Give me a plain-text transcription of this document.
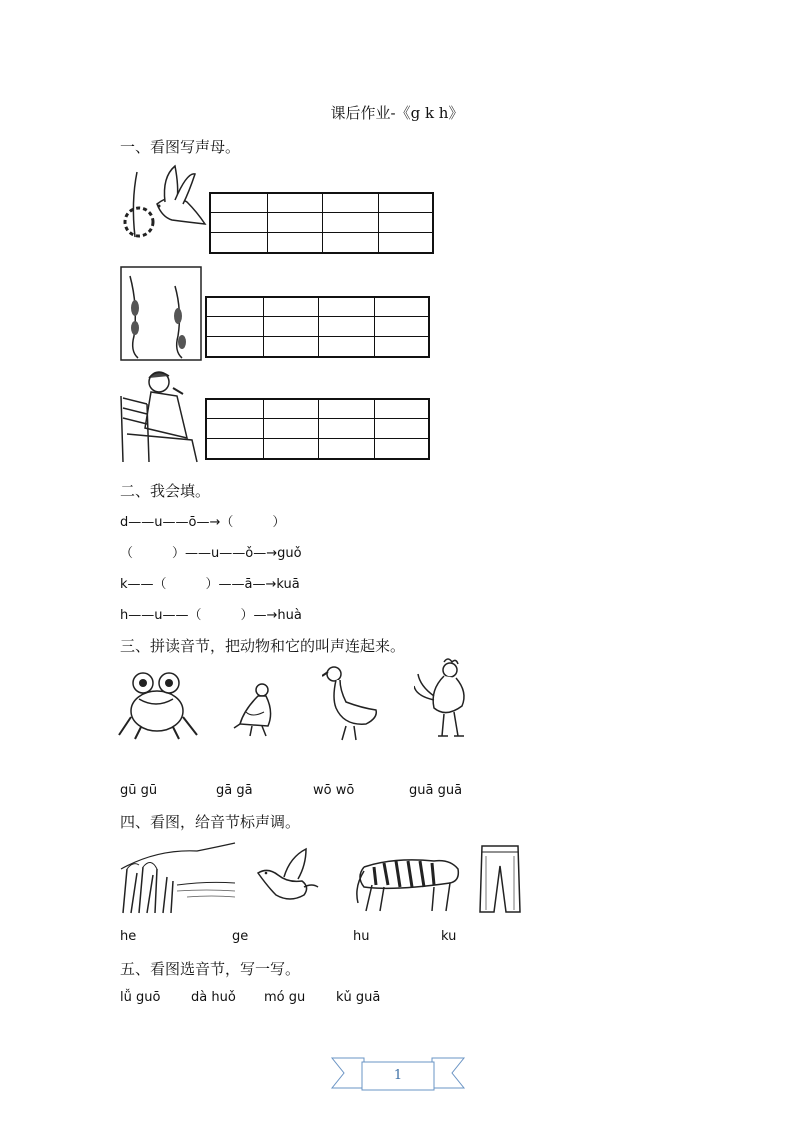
课后作业-《g k h》
一、看图写声母。
二、我会填。
d——u——ō—→（　　　）
（　　　）——u——ǒ—→guǒ
k——（　　　）——ā—→kuā
h——u——（　　　）—→huà
三、拼读音节，把动物和它的叫声连起来。
gū gū	gā gā	wō wō	guā guā
四、看图，给音节标声调。
he	ge	hu	ku
五、看图选音节，写一写。
lǚ guō dà huǒ mó gu kǔ guā
1
